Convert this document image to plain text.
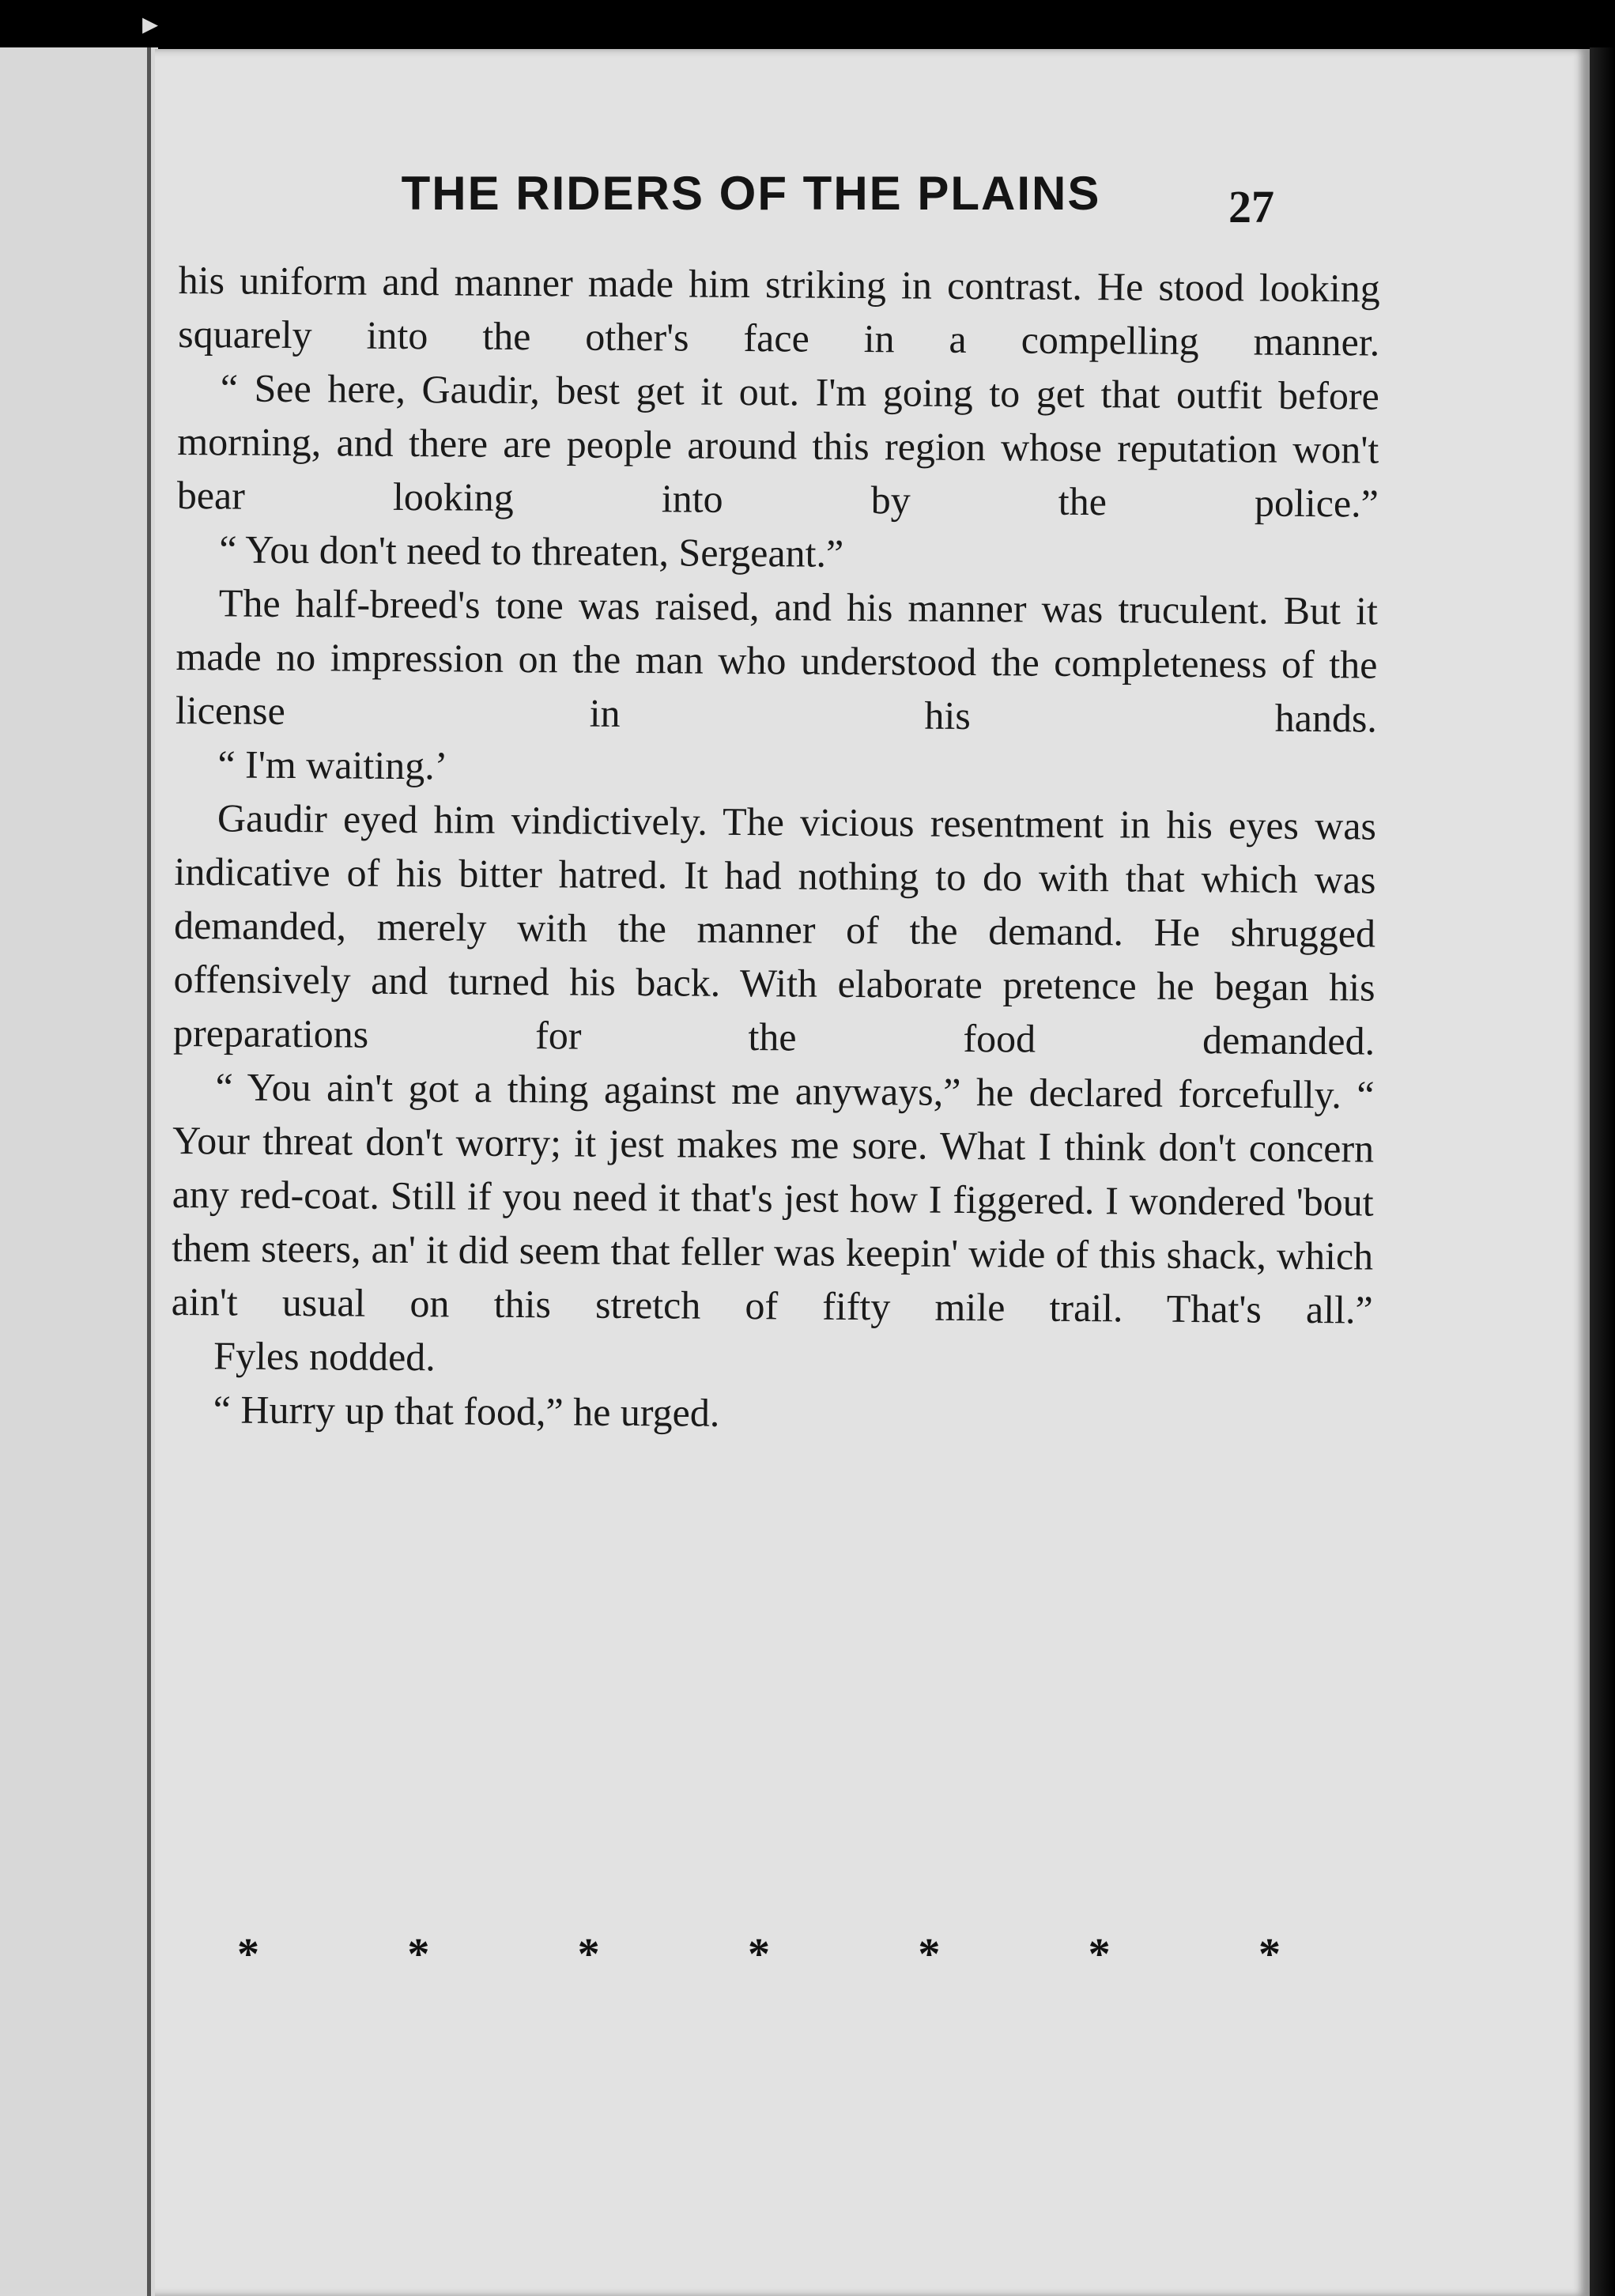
▸
THE RIDERS OF THE PLAINS	27

his uniform and manner made him striking in contrast. He stood looking squarely into the other's face in a compelling manner.

“ See here, Gaudir, best get it out. I'm going to get that outfit before morning, and there are people around this region whose reputation won't bear looking into by the police.”

“ You don't need to threaten, Sergeant.”

The half-breed's tone was raised, and his manner was truculent. But it made no impression on the man who understood the completeness of the license in his hands.

“ I'm waiting.’

Gaudir eyed him vindictively. The vicious resentment in his eyes was indicative of his bitter hatred. It had nothing to do with that which was demanded, merely with the manner of the demand. He shrugged offensively and turned his back. With elaborate pretence he began his preparations for the food demanded.

“ You ain't got a thing against me anyways,” he declared forcefully. “ Your threat don't worry; it jest makes me sore. What I think don't concern any red-coat. Still if you need it that's jest how I figgered. I wondered 'bout them steers, an' it did seem that feller was keepin' wide of this shack, which ain't usual on this stretch of fifty mile trail. That's all.”

Fyles nodded.

“ Hurry up that food,” he urged.

*	*	*	*	*	*	*
